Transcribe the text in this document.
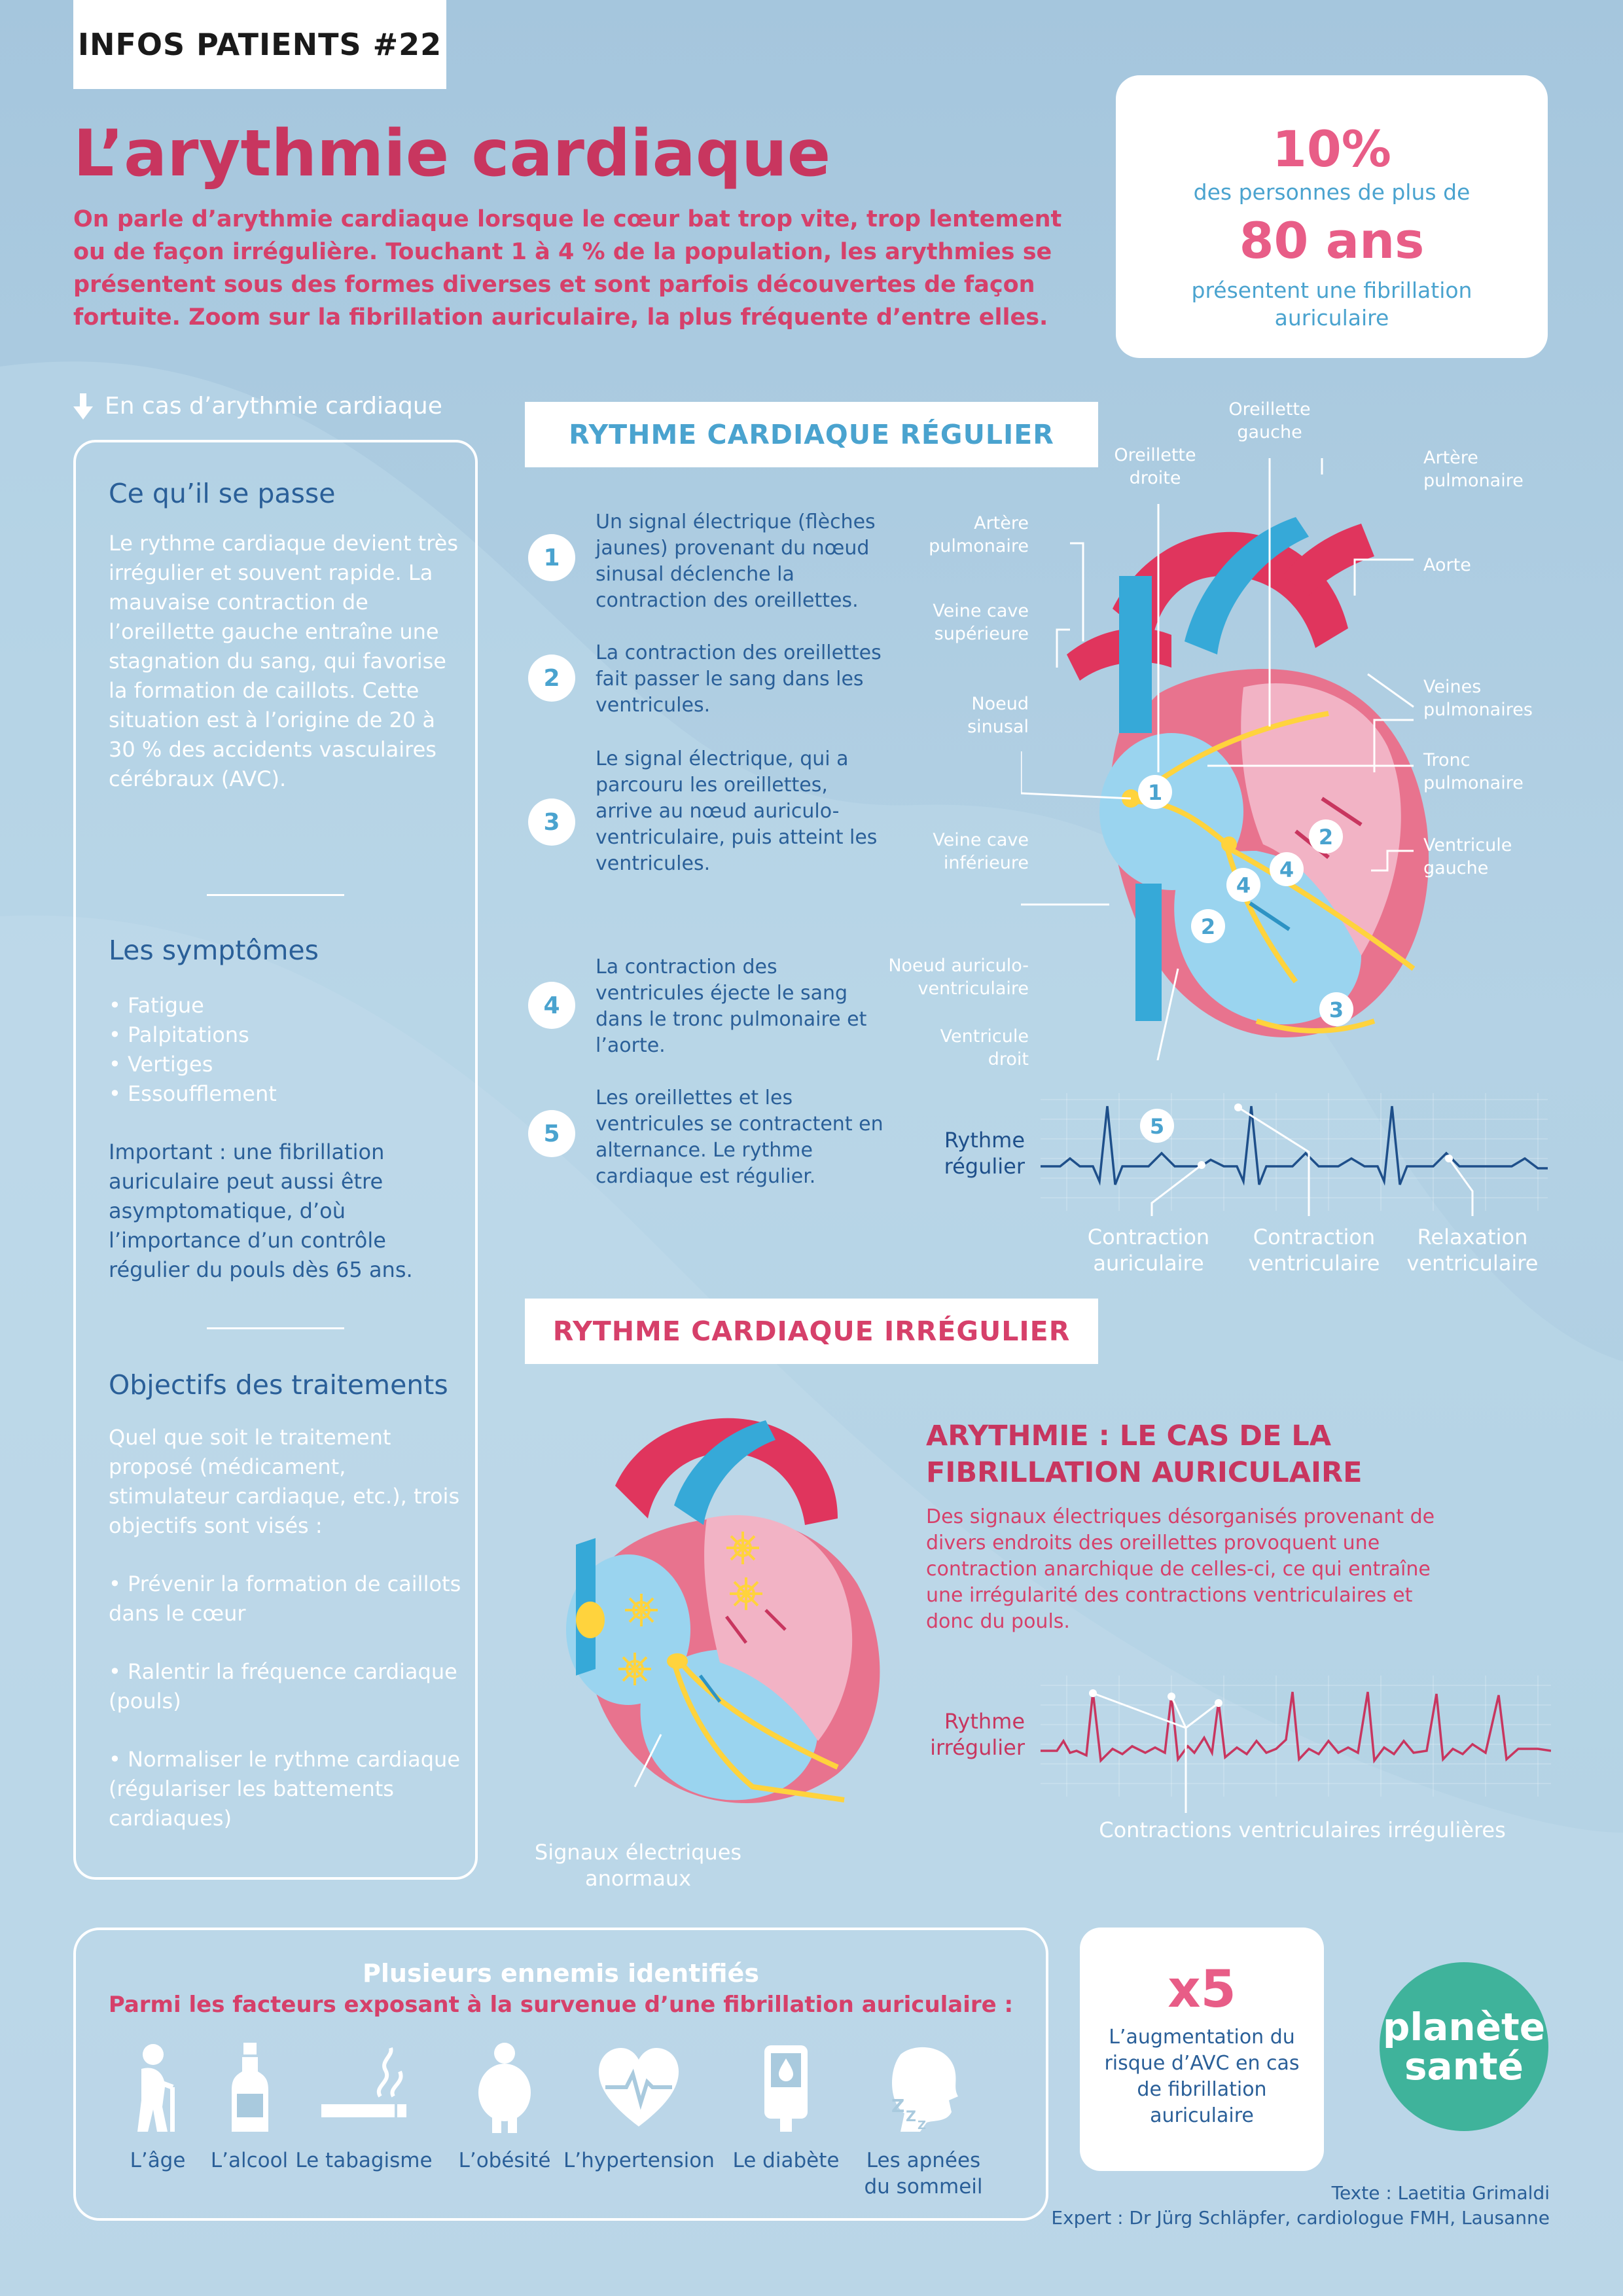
INFOS PATIENTS #22
L’arythmie cardiaque
On parle d’arythmie cardiaque lorsque le cœur bat trop vite, trop lentement ou de façon irrégulière. Touchant 1 à 4 % de la population, les arythmies se présentent sous des formes diverses et sont parfois découvertes de façon fortuite. Zoom sur la fibrillation auriculaire, la plus fréquente d’entre elles.
10%
des personnes de plus de
80 ans
présentent une fibrillation auriculaire
En cas d’arythmie cardiaque
Ce qu’il se passe
Le rythme cardiaque devient très irrégulier et souvent rapide. La mauvaise contraction de l’oreillette gauche entraîne une stagnation du sang, qui favorise la formation de caillots. Cette situation est à l’origine de 20 à 30 % des accidents vasculaires cérébraux (AVC).
Les symptômes
• Fatigue
• Palpitations
• Vertiges
• Essoufflement
Important : une fibrillation auriculaire peut aussi être asymptomatique, d’où l’importance d’un contrôle régulier du pouls dès 65 ans.
Objectifs des traitements
Quel que soit le traitement proposé (médicament, stimulateur cardiaque, etc.), trois objectifs sont visés :
• Prévenir la formation de caillots dans le cœur
• Ralentir la fréquence cardiaque (pouls)
• Normaliser le rythme cardiaque (régulariser les battements cardiaques)
RYTHME CARDIAQUE RÉGULIER
1
Un signal électrique (flèches jaunes) provenant du nœud sinusal déclenche la contraction des oreillettes.
La contraction des oreillettes fait passer le sang dans les ventricules.
2
3
Le signal électrique, qui a parcouru les oreillettes, arrive au nœud auriculo-ventriculaire, puis atteint les ventricules.
4
La contraction des ventricules éjecte le sang dans le tronc pulmonaire et l’aorte.
5
Les oreillettes et les ventricules se contractent en alternance. Le rythme cardiaque est régulier.
1
2
4
4
2
3
Oreillette gauche
Oreillette droite
Artère pulmonaire
Artère pulmonaire
Aorte
Veine cave supérieure
Noeud sinusal
Veines pulmonaires
Tronc pulmonaire
Veine cave inférieure
Ventricule gauche
Noeud auriculo-ventriculaire
Ventricule droit
Rythme régulier
5
Contraction auriculaire
Contraction ventriculaire
Relaxation ventriculaire
RYTHME CARDIAQUE IRRÉGULIER
Signaux électriques anormaux
ARYTHMIE : LE CAS DE LA FIBRILLATION AURICULAIRE
Des signaux électriques désorganisés provenant de divers endroits des oreillettes provoquent une contraction anarchique de celles-ci, ce qui entraîne une irrégularité des contractions ventriculaires et donc du pouls.
Rythme irrégulier
Contractions ventriculaires irrégulières
Plusieurs ennemis identifiés
Parmi les facteurs exposant à la survenue d’une fibrillation auriculaire :
L’âge	L’alcool Le tabagisme	L’obésité L’hypertension Le diabète
Z
Z
Z
Les apnées du sommeil
x5
L’augmentation du risque d’AVC en cas de fibrillation auriculaire
planète
santé
Texte : Laetitia Grimaldi
Expert : Dr Jürg Schläpfer, cardiologue FMH, Lausanne
